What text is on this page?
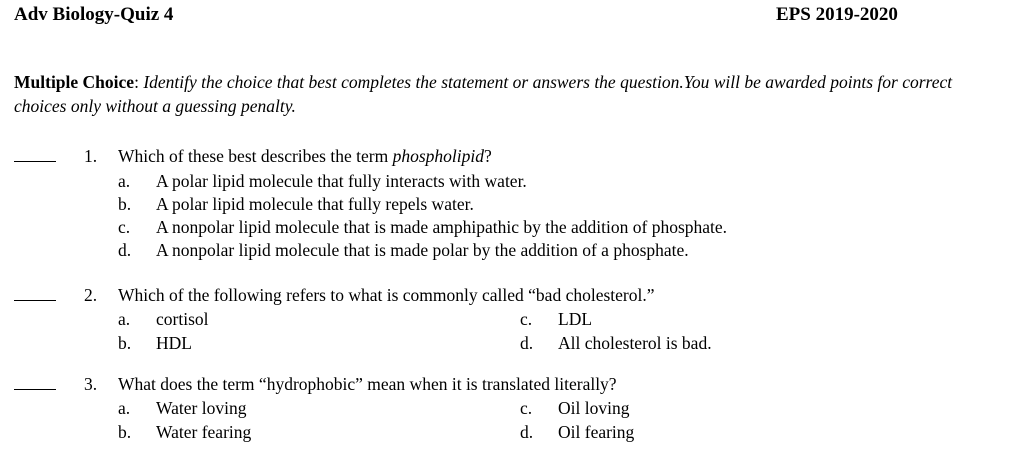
Adv Biology-Quiz 4	EPS 2019-2020
Multiple Choice: Identify the choice that best completes the statement or answers the question.You will be awarded points for correct choices only without a guessing penalty.
1. Which of these best describes the term phospholipid?
a. A polar lipid molecule that fully interacts with water.
b. A polar lipid molecule that fully repels water.
c. A nonpolar lipid molecule that is made amphipathic by the addition of phosphate.
d. A nonpolar lipid molecule that is made polar by the addition of a phosphate.
2. Which of the following refers to what is commonly called “bad cholesterol.”
a. cortisol
b. HDL
c. LDL
d. All cholesterol is bad.
3. What does the term “hydrophobic” mean when it is translated literally?
a. Water loving
b. Water fearing
c. Oil loving
d. Oil fearing
